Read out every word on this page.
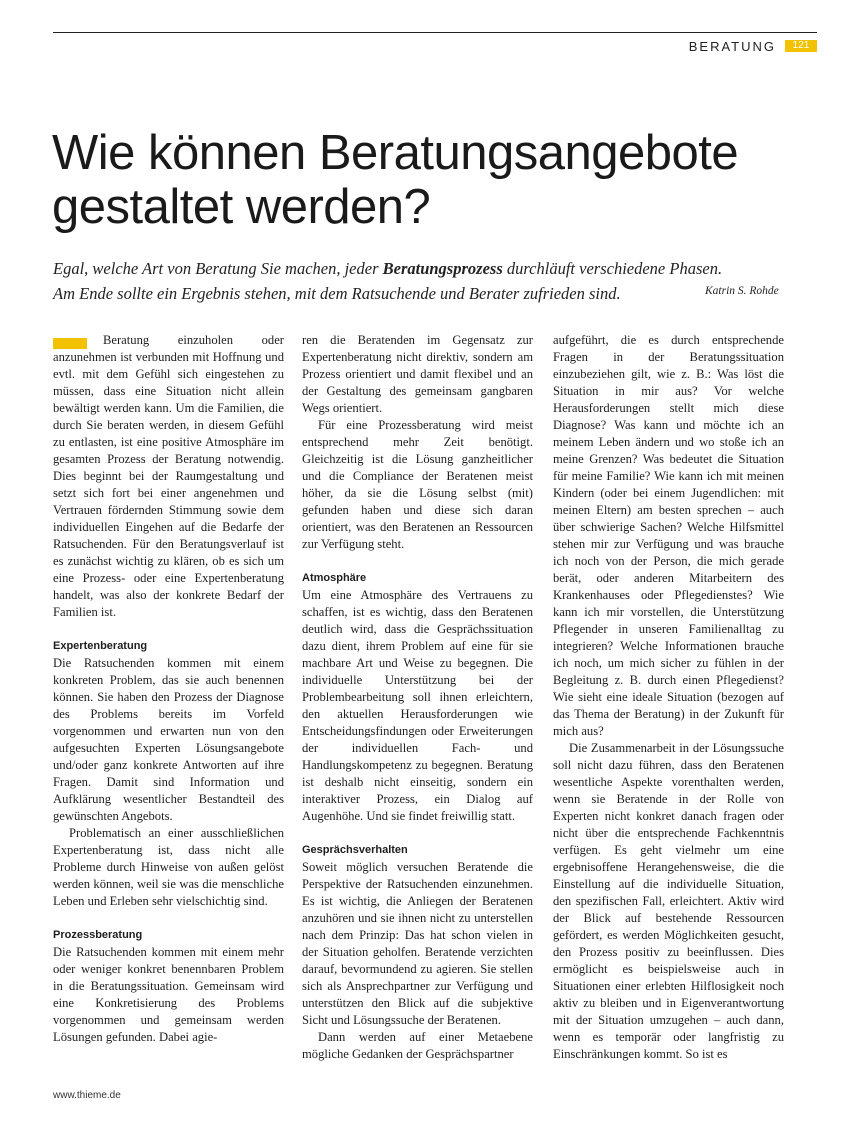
BERATUNG	121
Wie können Beratungsangebote gestaltet werden?

Egal, welche Art von Beratung Sie machen, jeder Beratungsprozess durchläuft verschiedene Phasen.
Am Ende sollte ein Ergebnis stehen, mit dem Ratsuchende und Berater zufrieden sind.	Katrin S. Rohde

Beratung einzuholen oder anzunehmen ist verbunden mit Hoffnung und evtl. mit dem Gefühl sich eingestehen zu müssen, dass eine Situation nicht allein bewältigt werden kann. Um die Familien, die durch Sie beraten werden, in diesem Gefühl zu entlasten, ist eine positive Atmosphäre im gesamten Prozess der Beratung notwendig. Dies beginnt bei der Raumgestaltung und setzt sich fort bei einer angenehmen und Vertrauen fördernden Stimmung sowie dem individuellen Eingehen auf die Bedarfe der Ratsuchenden. Für den Beratungsverlauf ist es zunächst wichtig zu klären, ob es sich um eine Prozess- oder eine Expertenberatung handelt, was also der konkrete Bedarf der Familien ist.

Expertenberatung

Die Ratsuchenden kommen mit einem konkreten Problem, das sie auch benennen können. Sie haben den Prozess der Diagnose des Problems bereits im Vorfeld vorgenommen und erwarten nun von den aufgesuchten Experten Lösungsangebote und/oder ganz konkrete Antworten auf ihre Fragen. Damit sind Information und Aufklärung wesentlicher Bestandteil des gewünschten Angebots.

Problematisch an einer ausschließlichen Expertenberatung ist, dass nicht alle Probleme durch Hinweise von außen gelöst werden können, weil sie was die menschliche Leben und Erleben sehr vielschichtig sind.

Prozessberatung

Die Ratsuchenden kommen mit einem mehr oder weniger konkret benennbaren Problem in die Beratungssituation. Gemeinsam wird eine Konkretisierung des Problems vorgenommen und gemeinsam werden Lösungen gefunden. Dabei agie-

ren die Beratenden im Gegensatz zur Expertenberatung nicht direktiv, sondern am Prozess orientiert und damit flexibel und an der Gestaltung des gemeinsam gangbaren Wegs orientiert.

Für eine Prozessberatung wird meist entsprechend mehr Zeit benötigt. Gleichzeitig ist die Lösung ganzheitlicher und die Compliance der Beratenen meist höher, da sie die Lösung selbst (mit) gefunden haben und diese sich daran orientiert, was den Beratenen an Ressourcen zur Verfügung steht.

Atmosphäre

Um eine Atmosphäre des Vertrauens zu schaffen, ist es wichtig, dass den Beratenen deutlich wird, dass die Gesprächssituation dazu dient, ihrem Problem auf eine für sie machbare Art und Weise zu begegnen. Die individuelle Unterstützung bei der Problembearbeitung soll ihnen erleichtern, den aktuellen Herausforderungen wie Entscheidungsfindungen oder Erweiterungen der individuellen Fach- und Handlungskompetenz zu begegnen. Beratung ist deshalb nicht einseitig, sondern ein interaktiver Prozess, ein Dialog auf Augenhöhe. Und sie findet freiwillig statt.

Gesprächsverhalten

Soweit möglich versuchen Beratende die Perspektive der Ratsuchenden einzunehmen. Es ist wichtig, die Anliegen der Beratenen anzuhören und sie ihnen nicht zu unterstellen nach dem Prinzip: Das hat schon vielen in der Situation geholfen. Beratende verzichten darauf, bevormundend zu agieren. Sie stellen sich als Ansprechpartner zur Verfügung und unterstützen den Blick auf die subjektive Sicht und Lösungssuche der Beratenen.

Dann werden auf einer Metaebene mögliche Gedanken der Gesprächspartner

aufgeführt, die es durch entsprechende Fragen in der Beratungssituation einzubeziehen gilt, wie z. B.: Was löst die Situation in mir aus? Vor welche Herausforderungen stellt mich diese Diagnose? Was kann und möchte ich an meinem Leben ändern und wo stoße ich an meine Grenzen? Was bedeutet die Situation für meine Familie? Wie kann ich mit meinen Kindern (oder bei einem Jugendlichen: mit meinen Eltern) am besten sprechen – auch über schwierige Sachen? Welche Hilfsmittel stehen mir zur Verfügung und was brauche ich noch von der Person, die mich gerade berät, oder anderen Mitarbeitern des Krankenhauses oder Pflegedienstes? Wie kann ich mir vorstellen, die Unterstützung Pflegender in unseren Familienalltag zu integrieren? Welche Informationen brauche ich noch, um mich sicher zu fühlen in der Begleitung z. B. durch einen Pflegedienst? Wie sieht eine ideale Situation (bezogen auf das Thema der Beratung) in der Zukunft für mich aus?

Die Zusammenarbeit in der Lösungssuche soll nicht dazu führen, dass den Beratenen wesentliche Aspekte vorenthalten werden, wenn sie Beratende in der Rolle von Experten nicht konkret danach fragen oder nicht über die entsprechende Fachkenntnis verfügen. Es geht vielmehr um eine ergebnisoffene Herangehensweise, die die Einstellung auf die individuelle Situation, den spezifischen Fall, erleichtert. Aktiv wird der Blick auf bestehende Ressourcen gefördert, es werden Möglichkeiten gesucht, den Prozess positiv zu beeinflussen. Dies ermöglicht es beispielsweise auch in Situationen einer erlebten Hilflosigkeit noch aktiv zu bleiben und in Eigenverantwortung mit der Situation umzugehen – auch dann, wenn es temporär oder langfristig zu Einschränkungen kommt. So ist es

www.thieme.de
